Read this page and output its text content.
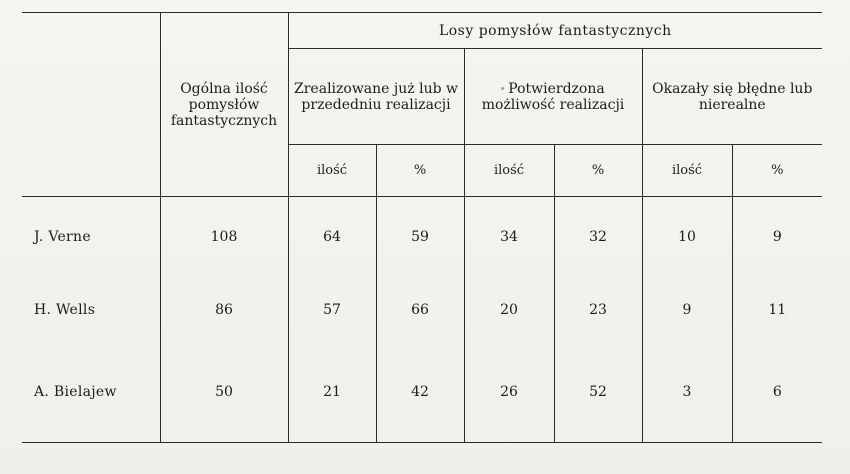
	Ogólna ilość pomysłów fantastycznych	Losy pomysłów fantastycznych					
		Zrealizowane już lub w przededniu realizacji		Potwierdzona możliwość realizacji		Okazały się błędne lub nierealne	
		ilość	%	ilość	%	ilość	%
J. Verne	108	64	59	34	32	10	9
H. Wells	86	57	66	20	23	9	11
A. Bielajew	50	21	42	26	52	3	6
